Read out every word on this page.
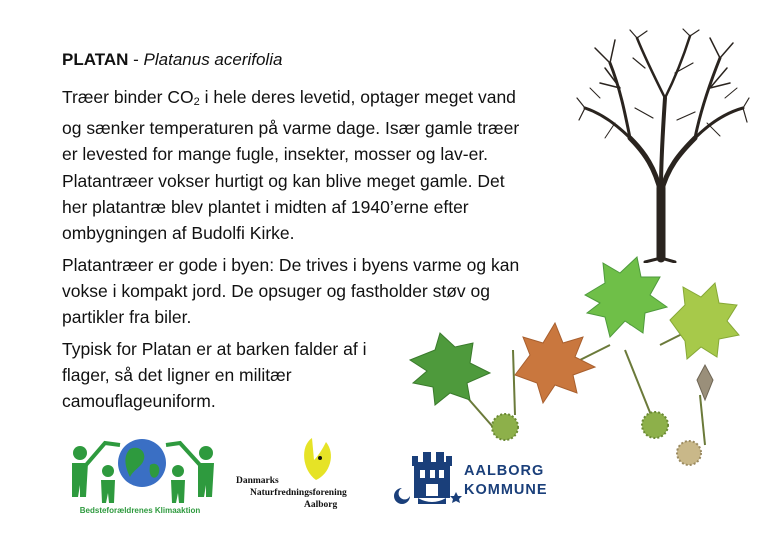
PLATAN - Platanus acerifolia
Træer binder CO2 i hele deres levetid, optager meget vand
og sænker temperaturen på varme dage. Især gamle træer
er levested for mange fugle, insekter, mosser og lav-er.
Platantræer vokser hurtigt og kan blive meget gamle. Det
her platantræ blev plantet i midten af 1940’erne efter
ombygningen af Budolfi Kirke.
Platantræer er gode i byen: De trives i byens varme og kan
vokse i kompakt jord. De opsuger og fastholder støv og
partikler fra biler.
Typisk for Platan er at barken falder af i
flager, så det ligner en militær
camouflageuniform.
Bedsteforældrenes Klimaaktion
Danmarks
Naturfredningsforening
Aalborg
AALBORG
KOMMUNE
